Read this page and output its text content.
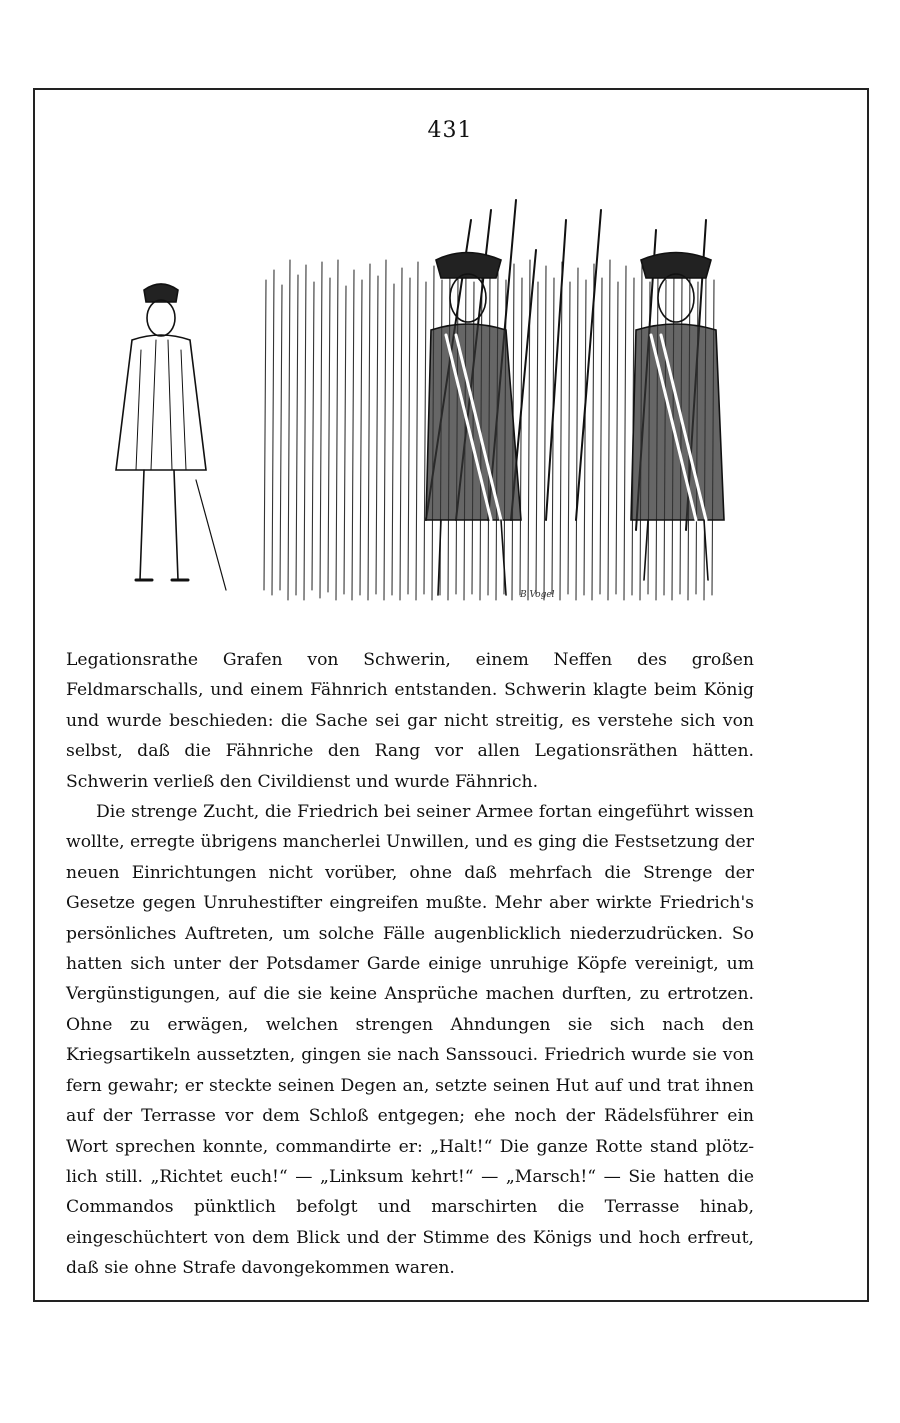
431
B.Vogel

Legationsrathe Grafen von Schwerin, einem Neffen des großen Feldmarschalls, und einem Fähnrich entstanden. Schwerin klagte beim König und wurde beschieden: die Sache sei gar nicht streitig, es verstehe sich von selbst, daß die Fähnriche den Rang vor allen Legationsräthen hätten. Schwerin verließ den Civildienst und wurde Fähnrich.

Die strenge Zucht, die Friedrich bei seiner Armee fortan eingeführt wissen wollte, erregte übrigens mancherlei Unwillen, und es ging die Festsetzung der neuen Einrichtungen nicht vorüber, ohne daß mehrfach die Strenge der Gesetze gegen Unruhestifter eingreifen mußte. Mehr aber wirkte Friedrich's persönliches Auftreten, um solche Fälle augenblicklich niederzudrücken. So hatten sich unter der Potsdamer Garde einige unruhige Köpfe vereinigt, um Vergünstigungen, auf die sie keine Ansprüche machen durften, zu ertrotzen. Ohne zu erwägen, welchen strengen Ahndungen sie sich nach den Kriegsartikeln aussetzten, gingen sie nach Sanssouci. Friedrich wurde sie von fern gewahr; er steckte seinen Degen an, setzte seinen Hut auf und trat ihnen auf der Terrasse vor dem Schloß entgegen; ehe noch der Rädelsführer ein Wort sprechen konnte, commandirte er: „Halt!“ Die ganze Rotte stand plötzlich still. „Richtet euch!“ — „Linksum kehrt!“ — „Marsch!“ — Sie hatten die Commandos pünktlich befolgt und marschirten die Terrasse hinab, eingeschüchtert von dem Blick und der Stimme des Königs und hoch erfreut, daß sie ohne Strafe davongekommen waren.
